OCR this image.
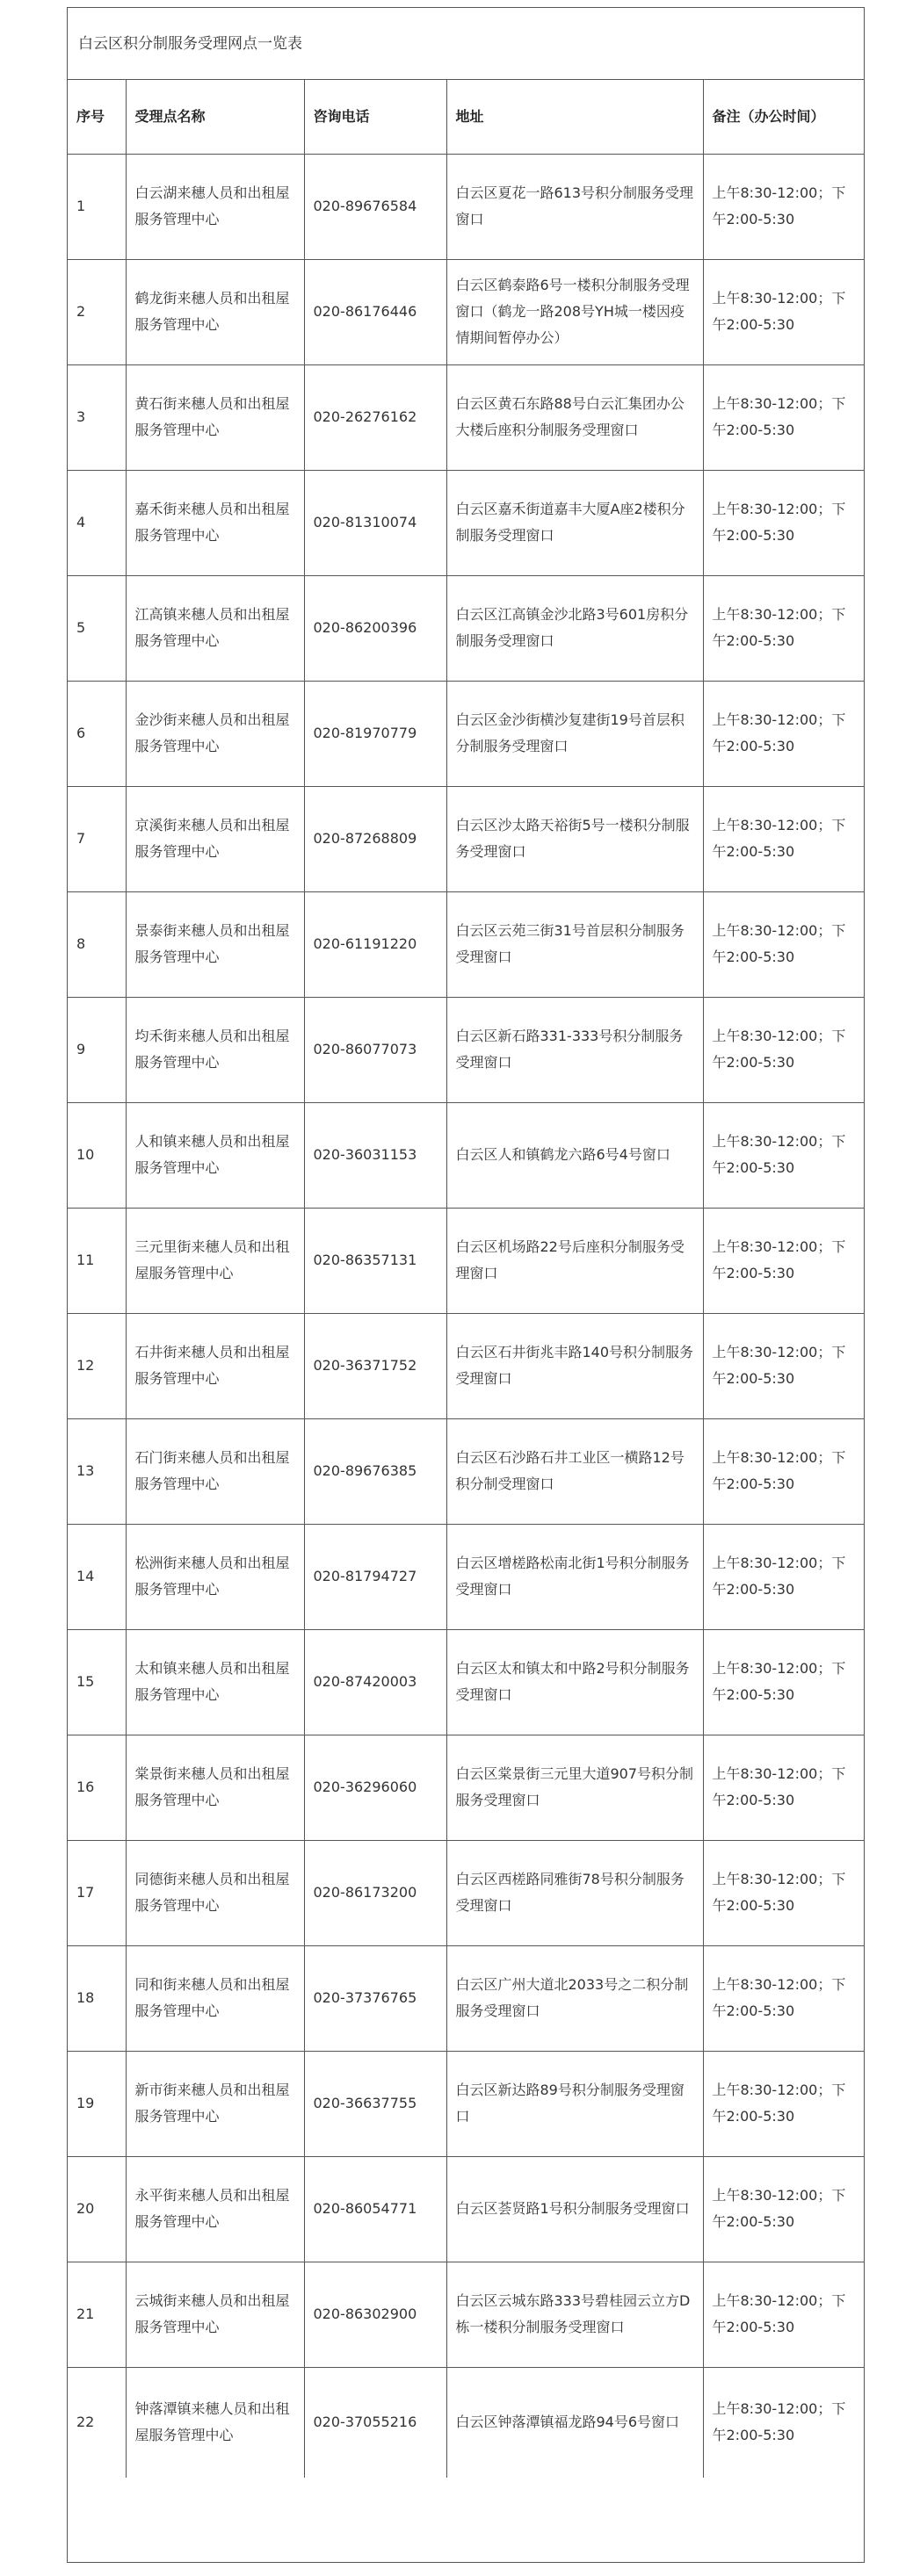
白云区积分制服务受理网点一览表
序号	受理点名称	咨询电话	地址	备注（办公时间）
1	白云湖来穗人员和出租屋服务管理中心	020-89676584	白云区夏花一路613号积分制服务受理窗口	上午8:30-12:00；下午2:00-5:30
2	鹤龙街来穗人员和出租屋服务管理中心	020-86176446	白云区鹤泰路6号一楼积分制服务受理窗口（鹤龙一路208号YH城一楼因疫情期间暂停办公）	上午8:30-12:00；下午2:00-5:30
3	黄石街来穗人员和出租屋服务管理中心	020-26276162	白云区黄石东路88号白云汇集团办公大楼后座积分制服务受理窗口	上午8:30-12:00；下午2:00-5:30
4	嘉禾街来穗人员和出租屋服务管理中心	020-81310074	白云区嘉禾街道嘉丰大厦A座2楼积分制服务受理窗口	上午8:30-12:00；下午2:00-5:30
5	江高镇来穗人员和出租屋服务管理中心	020-86200396	白云区江高镇金沙北路3号601房积分制服务受理窗口	上午8:30-12:00；下午2:00-5:30
6	金沙街来穗人员和出租屋服务管理中心	020-81970779	白云区金沙街横沙复建街19号首层积分制服务受理窗口	上午8:30-12:00；下午2:00-5:30
7	京溪街来穗人员和出租屋服务管理中心	020-87268809	白云区沙太路天裕街5号一楼积分制服务受理窗口	上午8:30-12:00；下午2:00-5:30
8	景泰街来穗人员和出租屋服务管理中心	020-61191220	白云区云苑三街31号首层积分制服务受理窗口	上午8:30-12:00；下午2:00-5:30
9	均禾街来穗人员和出租屋服务管理中心	020-86077073	白云区新石路331-333号积分制服务受理窗口	上午8:30-12:00；下午2:00-5:30
10	人和镇来穗人员和出租屋服务管理中心	020-36031153	白云区人和镇鹤龙六路6号4号窗口	上午8:30-12:00；下午2:00-5:30
11	三元里街来穗人员和出租屋服务管理中心	020-86357131	白云区机场路22号后座积分制服务受理窗口	上午8:30-12:00；下午2:00-5:30
12	石井街来穗人员和出租屋服务管理中心	020-36371752	白云区石井街兆丰路140号积分制服务受理窗口	上午8:30-12:00；下午2:00-5:30
13	石门街来穗人员和出租屋服务管理中心	020-89676385	白云区石沙路石井工业区一横路12号积分制受理窗口	上午8:30-12:00；下午2:00-5:30
14	松洲街来穗人员和出租屋服务管理中心	020-81794727	白云区增槎路松南北街1号积分制服务受理窗口	上午8:30-12:00；下午2:00-5:30
15	太和镇来穗人员和出租屋服务管理中心	020-87420003	白云区太和镇太和中路2号积分制服务受理窗口	上午8:30-12:00；下午2:00-5:30
16	棠景街来穗人员和出租屋服务管理中心	020-36296060	白云区棠景街三元里大道907号积分制服务受理窗口	上午8:30-12:00；下午2:00-5:30
17	同德街来穗人员和出租屋服务管理中心	020-86173200	白云区西槎路同雅街78号积分制服务受理窗口	上午8:30-12:00；下午2:00-5:30
18	同和街来穗人员和出租屋服务管理中心	020-37376765	白云区广州大道北2033号之二积分制服务受理窗口	上午8:30-12:00；下午2:00-5:30
19	新市街来穗人员和出租屋服务管理中心	020-36637755	白云区新达路89号积分制服务受理窗口	上午8:30-12:00；下午2:00-5:30
20	永平街来穗人员和出租屋服务管理中心	020-86054771	白云区荟贤路1号积分制服务受理窗口	上午8:30-12:00；下午2:00-5:30
21	云城街来穗人员和出租屋服务管理中心	020-86302900	白云区云城东路333号碧桂园云立方D栋一楼积分制服务受理窗口	上午8:30-12:00；下午2:00-5:30
22	钟落潭镇来穗人员和出租屋服务管理中心	020-37055216	白云区钟落潭镇福龙路94号6号窗口	上午8:30-12:00；下午2:00-5:30
